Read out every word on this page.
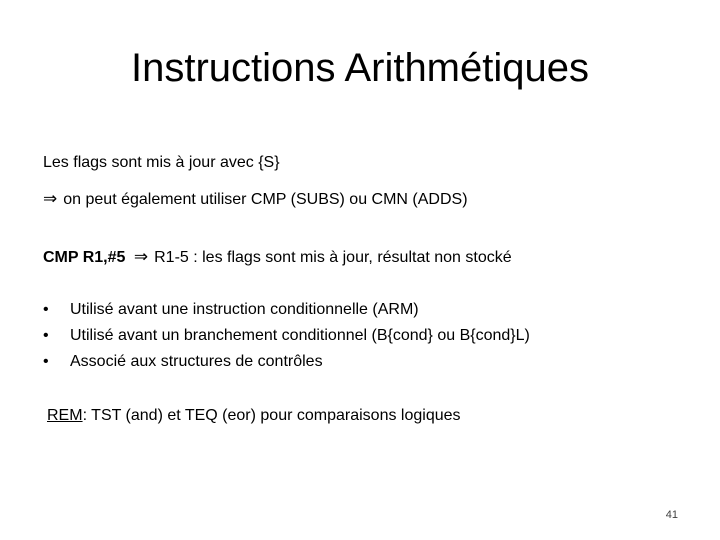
Instructions Arithmétiques
Les flags sont mis à jour avec {S}
⇒ on peut également utiliser CMP (SUBS) ou CMN (ADDS)
CMP R1,#5 ⇒ R1-5 : les flags sont mis à jour, résultat non stocké
• Utilisé avant une instruction conditionnelle (ARM)
• Utilisé avant un branchement conditionnel (B{cond} ou B{cond}L)
• Associé aux structures de contrôles
REM: TST (and) et TEQ (eor) pour comparaisons logiques
41
